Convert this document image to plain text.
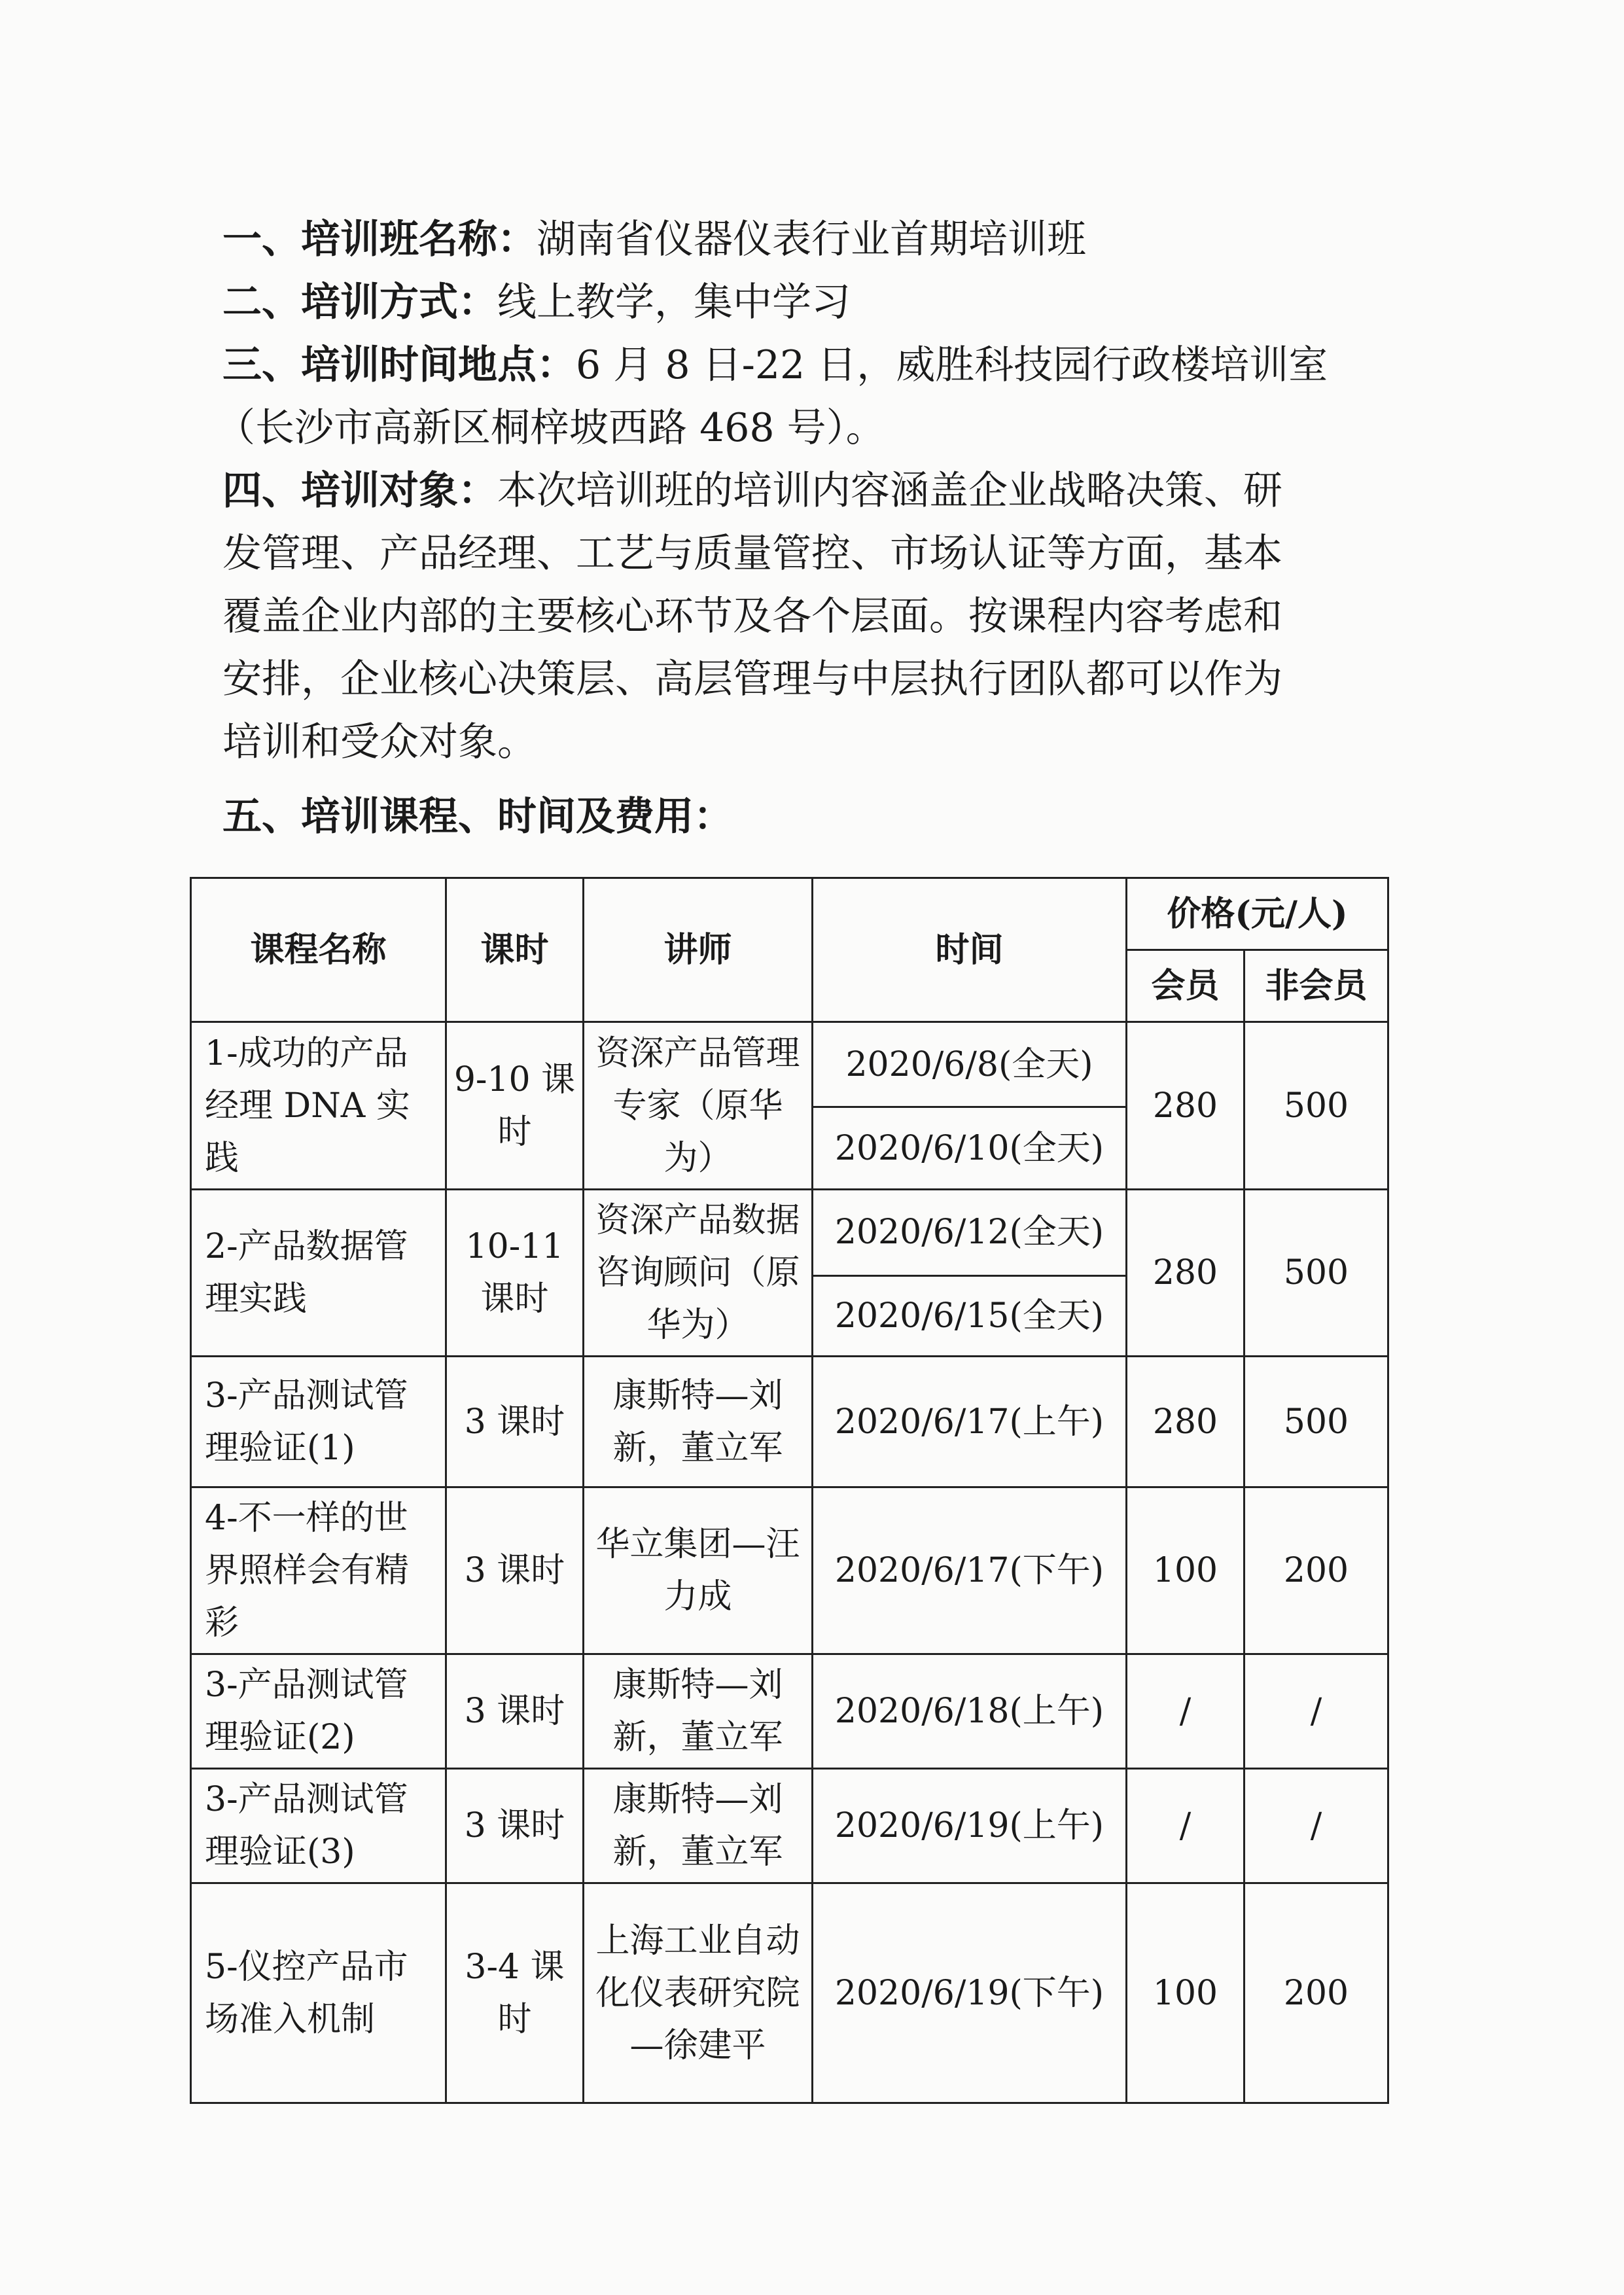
一、培训班名称：湖南省仪器仪表行业首期培训班

二、培训方式：线上教学，集中学习

三、培训时间地点：6 月 8 日-22 日，威胜科技园行政楼培训室

（长沙市高新区桐梓坡西路 468 号）。

四、培训对象：本次培训班的培训内容涵盖企业战略决策、研

发管理、产品经理、工艺与质量管控、市场认证等方面，基本

覆盖企业内部的主要核心环节及各个层面。按课程内容考虑和

安排，企业核心决策层、高层管理与中层执行团队都可以作为

培训和受众对象。

五、培训课程、时间及费用：

课程名称	课时	讲师	时间	价格(元/人)	
				会员	非会员
1-成功的产品经理 DNA 实践	9-10 课时	资深产品管理专家（原华为）	2020/6/8(全天)	280	500
			2020/6/10(全天)		
2-产品数据管理实践	10-11 课时	资深产品数据咨询顾问（原华为）	2020/6/12(全天)	280	500
			2020/6/15(全天)		
3-产品测试管理验证(1)	3 课时	康斯特—刘新，董立军	2020/6/17(上午)	280	500
4-不一样的世界照样会有精彩	3 课时	华立集团—汪力成	2020/6/17(下午)	100	200
3-产品测试管理验证(2)	3 课时	康斯特—刘新，董立军	2020/6/18(上午)	/	/
3-产品测试管理验证(3)	3 课时	康斯特—刘新，董立军	2020/6/19(上午)	/	/
5-仪控产品市场准入机制	3-4 课时	上海工业自动化仪表研究院—徐建平	2020/6/19(下午)	100	200
